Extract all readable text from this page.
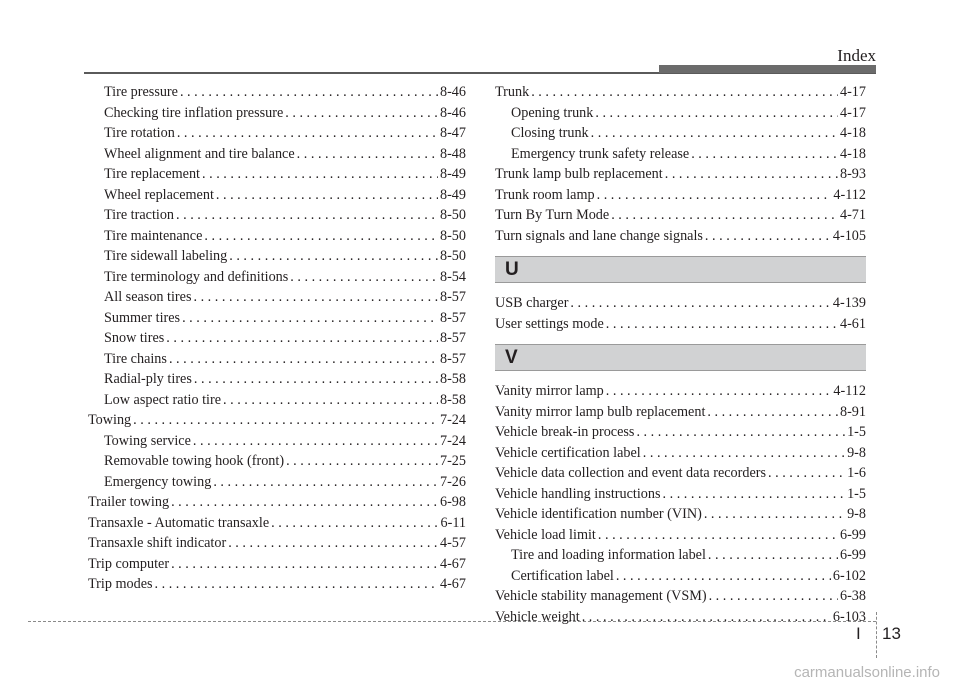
Index
Tire pressure . . .	8-46
Checking tire inflation pressure . . .	8-46
Tire rotation . . .	8-47
Wheel alignment and tire balance . . .	8-48
Tire replacement . . .	8-49
Wheel replacement . . .	8-49
Tire traction . . .	8-50
Tire maintenance . . .	8-50
Tire sidewall labeling . . .	8-50
Tire terminology and definitions . . .	8-54
All season tires . . .	8-57
Summer tires . . .	8-57
Snow tires . . .	8-57
Tire chains . . .	8-57
Radial-ply tires . . .	8-58
Low aspect ratio tire . . .	8-58
Towing . . .	7-24
Towing service . . .	7-24
Removable towing hook (front) . . .	7-25
Emergency towing . . .	7-26
Trailer towing . . .	6-98
Transaxle - Automatic transaxle . . .	6-11
Transaxle shift indicator . . .	4-57
Trip computer . . .	4-67
Trip modes . . .	4-67
Trunk . . .	4-17
Opening trunk . . .	4-17
Closing trunk . . .	4-18
Emergency trunk safety release . . .	4-18
Trunk lamp bulb replacement . . .	8-93
Trunk room lamp . . .	4-112
Turn By Turn Mode . . .	4-71
Turn signals and lane change signals . . .	4-105
U
USB charger . . .	4-139
User settings mode . . .	4-61
V
Vanity mirror lamp . . .	4-112
Vanity mirror lamp bulb replacement . . .	8-91
Vehicle break-in process . . .	1-5
Vehicle certification label . . .	9-8
Vehicle data collection and event data recorders . . .	1-6
Vehicle handling instructions . . .	1-5
Vehicle identification number (VIN) . . .	9-8
Vehicle load limit . . .	6-99
Tire and loading information label . . .	6-99
Certification label . . .	6-102
Vehicle stability management (VSM) . . .	6-38
Vehicle weight . . .	6-103
I 13
carmanualsonline.info
